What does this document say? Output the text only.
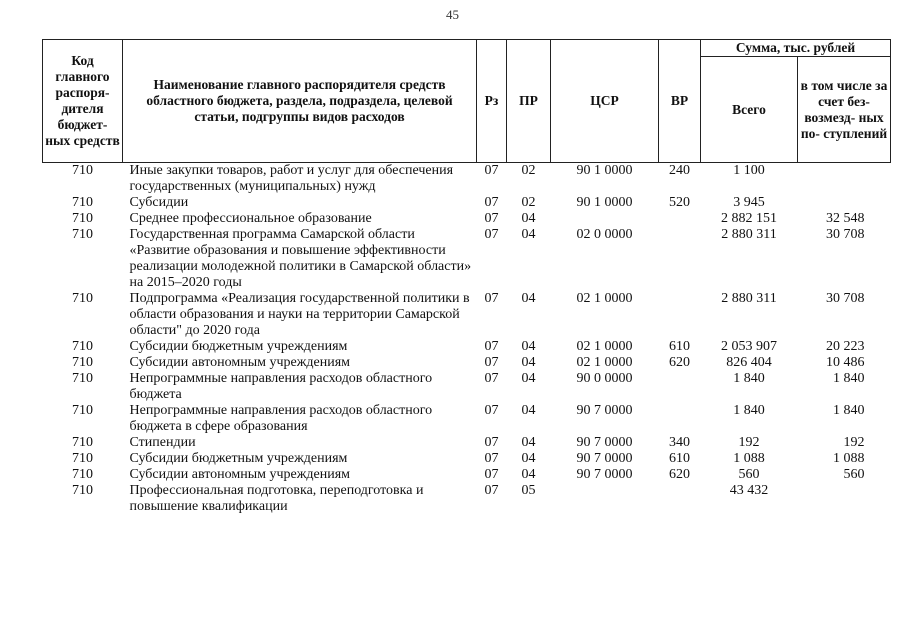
45
Код главного распоря- дителя бюджет- ных средств	Наименование главного распорядителя средств областного бюджета, раздела, подраздела, целевой статьи, подгруппы видов расходов	Рз	ПР	ЦСР	ВР	Сумма, тыс. рублей	
						Всего	в том числе за счет без- возмезд- ных по- ступлений
710	Иные закупки товаров, работ и услуг для обеспечения государственных (муниципальных) нужд	07	02	90 1 0000	240	1 100	
710	Субсидии	07	02	90 1 0000	520	3 945	
710	Среднее профессиональное образование	07	04			2 882 151	32 548
710	Государственная программа Самарской области «Развитие образования и повышение эффективности реализации молодежной политики в Самарской области» на 2015–2020 годы	07	04	02 0 0000		2 880 311	30 708
710	Подпрограмма «Реализация государственной политики в области образования и науки на территории Самарской области" до 2020 года	07	04	02 1 0000		2 880 311	30 708
710	Субсидии бюджетным учреждениям	07	04	02 1 0000	610	2 053 907	20 223
710	Субсидии автономным учреждениям	07	04	02 1 0000	620	826 404	10 486
710	Непрограммные направления расходов областного бюджета	07	04	90 0 0000		1 840	1 840
710	Непрограммные направления расходов областного бюджета в сфере образования	07	04	90 7 0000		1 840	1 840
710	Стипендии	07	04	90 7 0000	340	192	192
710	Субсидии бюджетным учреждениям	07	04	90 7 0000	610	1 088	1 088
710	Субсидии автономным учреждениям	07	04	90 7 0000	620	560	560
710	Профессиональная подготовка, переподготовка и повышение квалификации	07	05			43 432	
